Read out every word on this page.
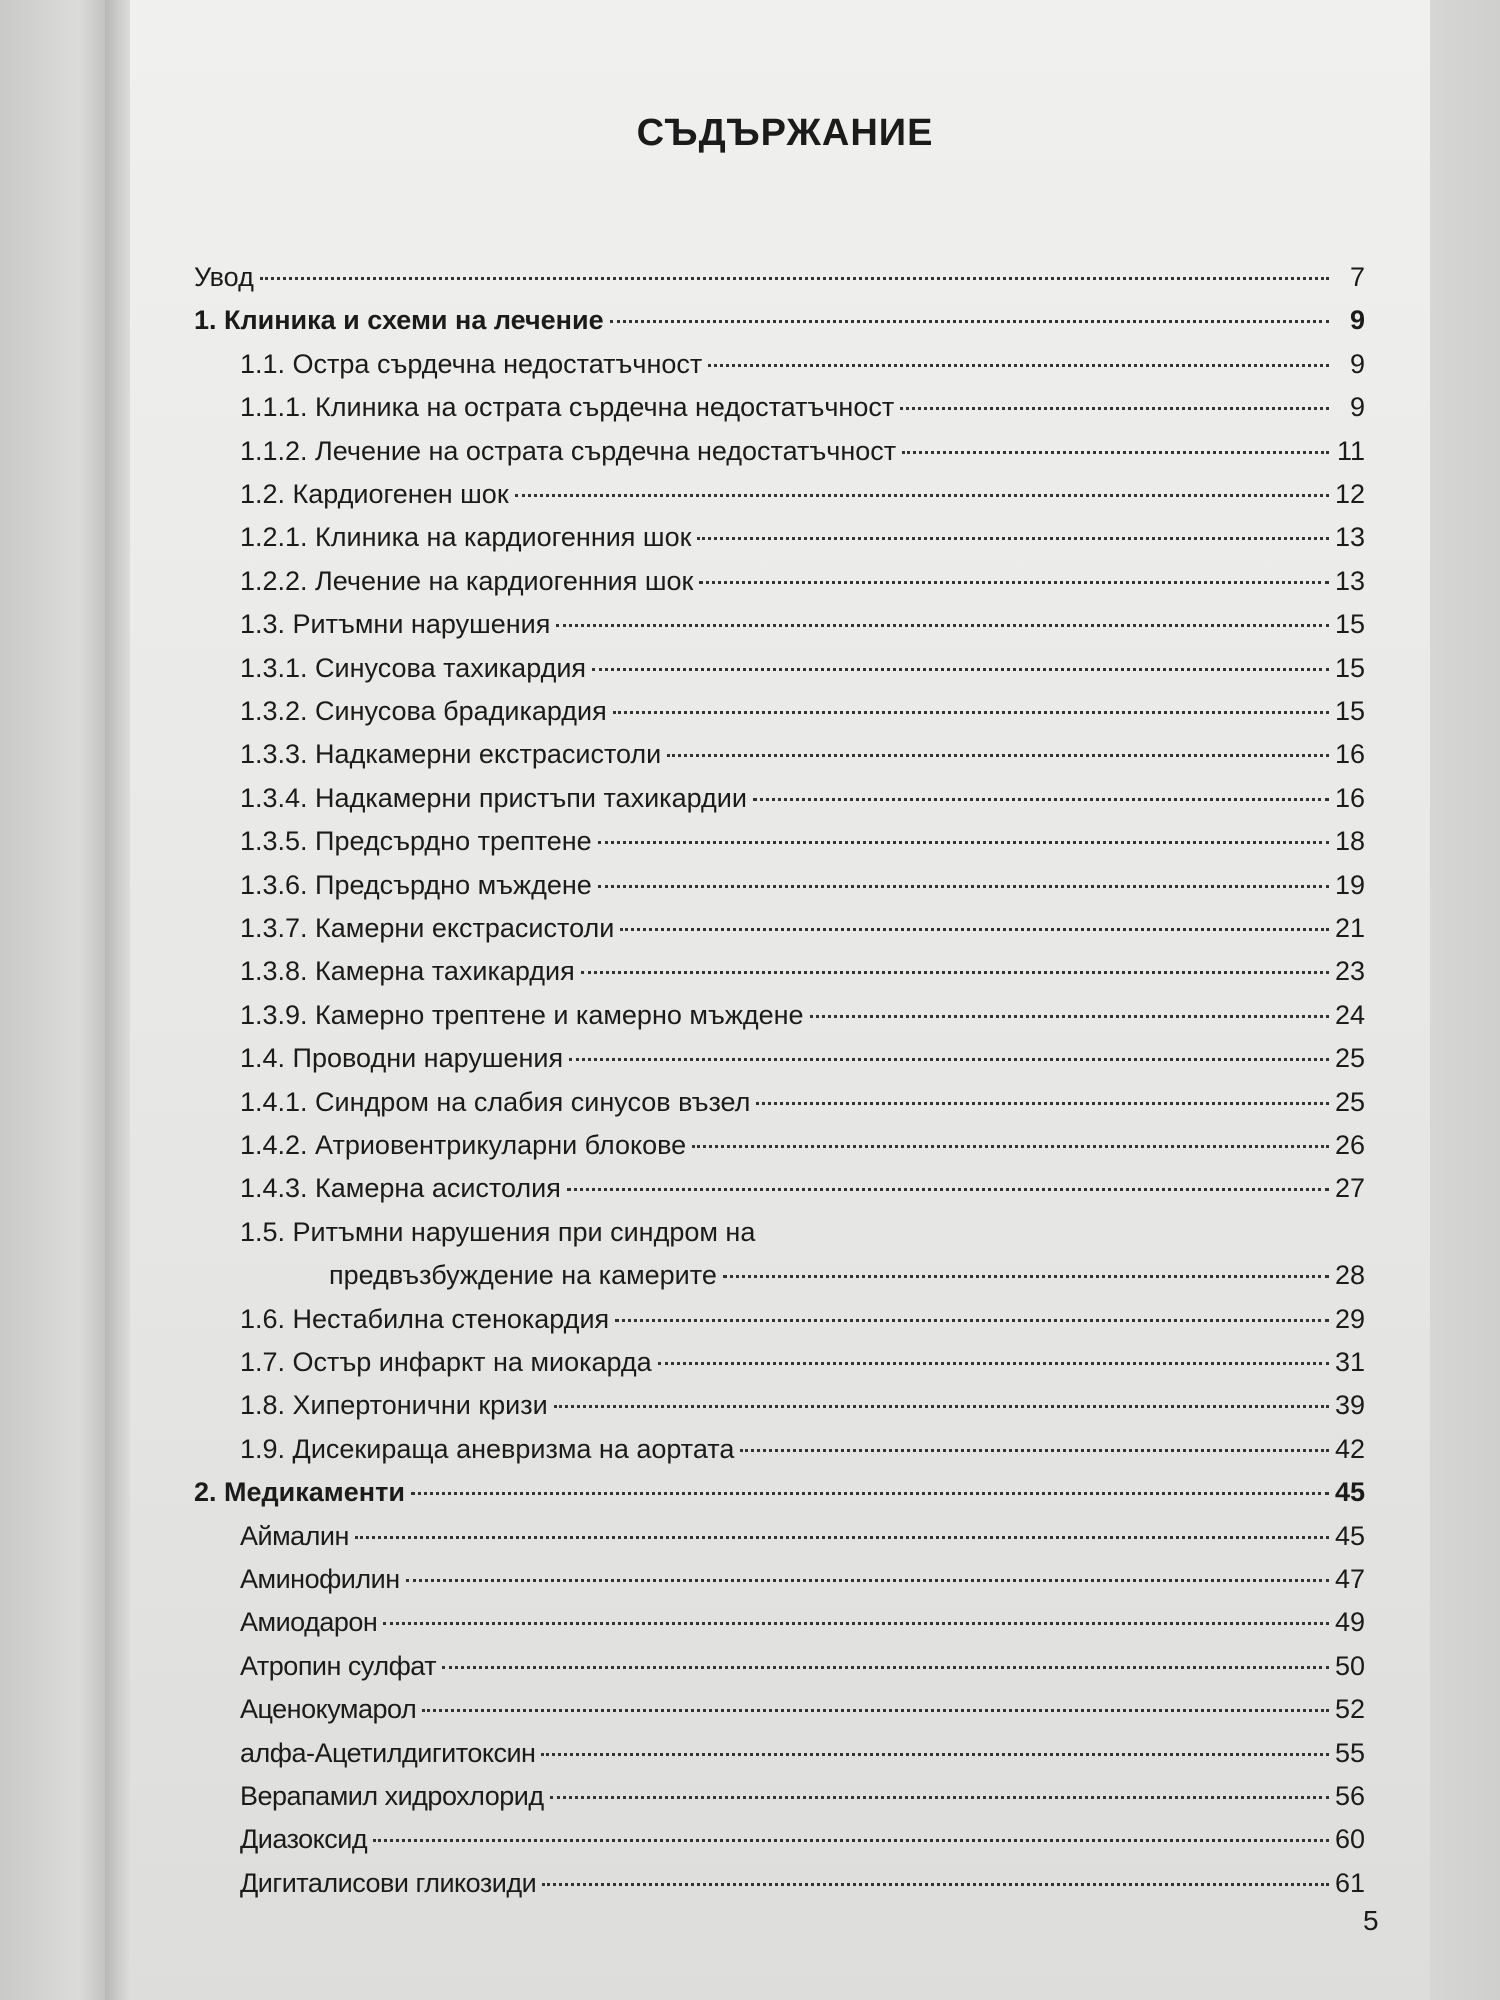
СЪДЪРЖАНИЕ
Увод	7
1. Клиника и схеми на лечение	9
1.1. Остра сърдечна недостатъчност	9
1.1.1. Клиника на острата сърдечна недостатъчност	9
1.1.2. Лечение на острата сърдечна недостатъчност	11
1.2. Кардиогенен шок	12
1.2.1. Клиника на кардиогенния шок	13
1.2.2. Лечение на кардиогенния шок	13
1.3. Ритъмни нарушения	15
1.3.1. Синусова тахикардия	15
1.3.2. Синусова брадикардия	15
1.3.3. Надкамерни екстрасистоли	16
1.3.4. Надкамерни пристъпи тахикардии	16
1.3.5. Предсърдно трептене	18
1.3.6. Предсърдно мъждене	19
1.3.7. Камерни екстрасистоли	21
1.3.8. Камерна тахикардия	23
1.3.9. Камерно трептене и камерно мъждене	24
1.4. Проводни нарушения	25
1.4.1. Синдром на слабия синусов възел	25
1.4.2. Атриовентрикуларни блокове	26
1.4.3. Камерна асистолия	27
1.5. Ритъмни нарушения при синдром на
предвъзбуждение на камерите	28
1.6. Нестабилна стенокардия	29
1.7. Остър инфаркт на миокарда	31
1.8. Хипертонични кризи	39
1.9. Дисекираща аневризма на аортата	42
2. Медикаменти	45
Аймалин	45
Аминофилин	47
Амиодарон	49
Атропин сулфат	50
Аценокумарол	52
алфа-Ацетилдигитоксин	55
Верапамил хидрохлорид	56
Диазоксид	60
Дигиталисови гликозиди	61
5
